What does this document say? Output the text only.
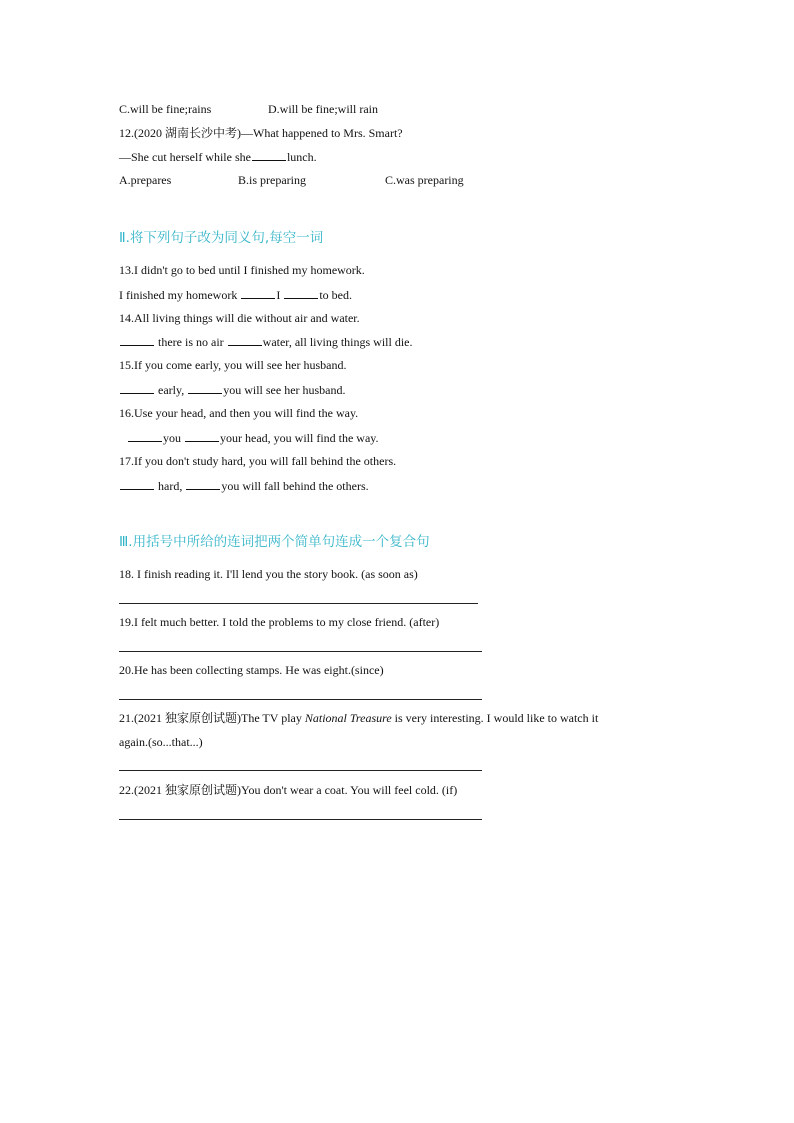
C.will be fine;rains	D.will be fine;will rain
12.(2020 湖南长沙中考)—What happened to Mrs. Smart?
—She cut herself while she	lunch.
A.prepares	B.is preparing	C.was preparing
Ⅱ.将下列句子改为同义句,每空一词
13.I didn't go to bed until I finished my homework.
I finished my homework	I	to bed.
14.All living things will die without air and water.
there is no air	water, all living things will die.
15.If you come early, you will see her husband.
early,	you will see her husband.
16.Use your head, and then you will find the way.
you	your head, you will find the way.
17.If you don't study hard, you will fall behind the others.
hard,	you will fall behind the others.
Ⅲ.用括号中所给的连词把两个简单句连成一个复合句
18. I finish reading it. I'll lend you the story book. (as soon as)
19.I felt much better. I told the problems to my close friend. (after)
20.He has been collecting stamps. He was eight.(since)
21.(2021 独家原创试题)The TV play National Treasure is very interesting. I would like to watch it
again.(so...that...)
22.(2021 独家原创试题)You don't wear a coat. You will feel cold. (if)
